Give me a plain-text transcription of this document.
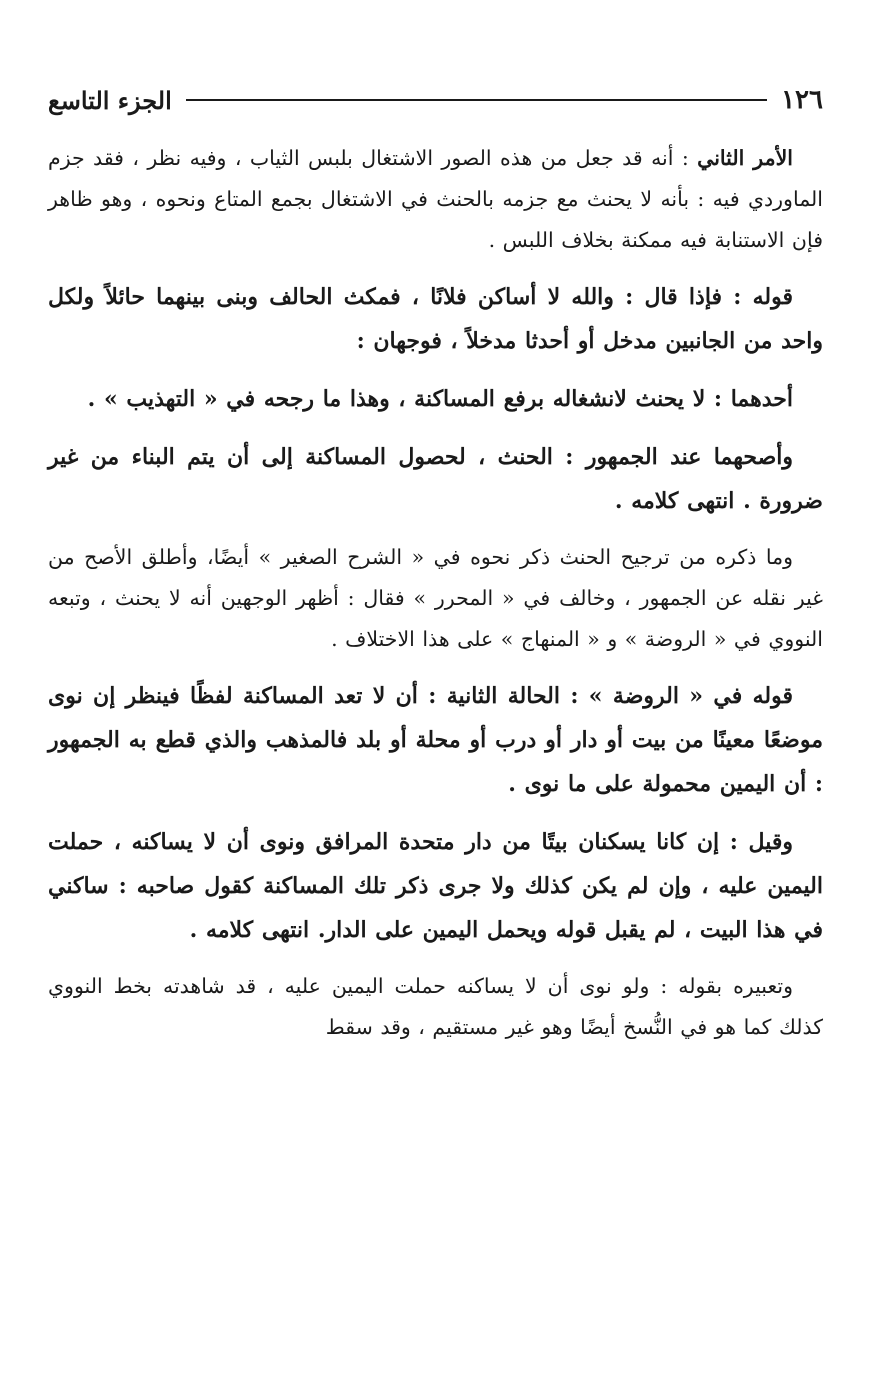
١٢٦
الجزء التاسع

الأمر الثاني : أنه قد جعل من هذه الصور الاشتغال بلبس الثياب ، وفيه نظر ، فقد جزم الماوردي فيه : بأنه لا يحنث مع جزمه بالحنث في الاشتغال بجمع المتاع ونحوه ، وهو ظاهر فإن الاستنابة فيه ممكنة بخلاف اللبس .

قوله : فإذا قال : والله لا أساكن فلانًا ، فمكث الحالف وبنى بينهما حائلاً ولكل واحد من الجانبين مدخل أو أحدثا مدخلاً ، فوجهان :

أحدهما : لا يحنث لانشغاله برفع المساكنة ، وهذا ما رجحه في « التهذيب » .

وأصحهما عند الجمهور : الحنث ، لحصول المساكنة إلى أن يتم البناء من غير ضرورة . انتهى كلامه .

وما ذكره من ترجيح الحنث ذكر نحوه في « الشرح الصغير » أيضًا، وأطلق الأصح من غير نقله عن الجمهور ، وخالف في « المحرر » فقال : أظهر الوجهين أنه لا يحنث ، وتبعه النووي في « الروضة » و « المنهاج » على هذا الاختلاف .

قوله في « الروضة » : الحالة الثانية : أن لا تعد المساكنة لفظًا فينظر إن نوى موضعًا معينًا من بيت أو دار أو درب أو محلة أو بلد فالمذهب والذي قطع به الجمهور : أن اليمين محمولة على ما نوى .

وقيل : إن كانا يسكنان بيتًا من دار متحدة المرافق ونوى أن لا يساكنه ، حملت اليمين عليه ، وإن لم يكن كذلك ولا جرى ذكر تلك المساكنة كقول صاحبه : ساكني في هذا البيت ، لم يقبل قوله ويحمل اليمين على الدار. انتهى كلامه .

وتعبيره بقوله : ولو نوى أن لا يساكنه حملت اليمين عليه ، قد شاهدته بخط النووي كذلك كما هو في النُّسخ أيضًا وهو غير مستقيم ، وقد سقط
